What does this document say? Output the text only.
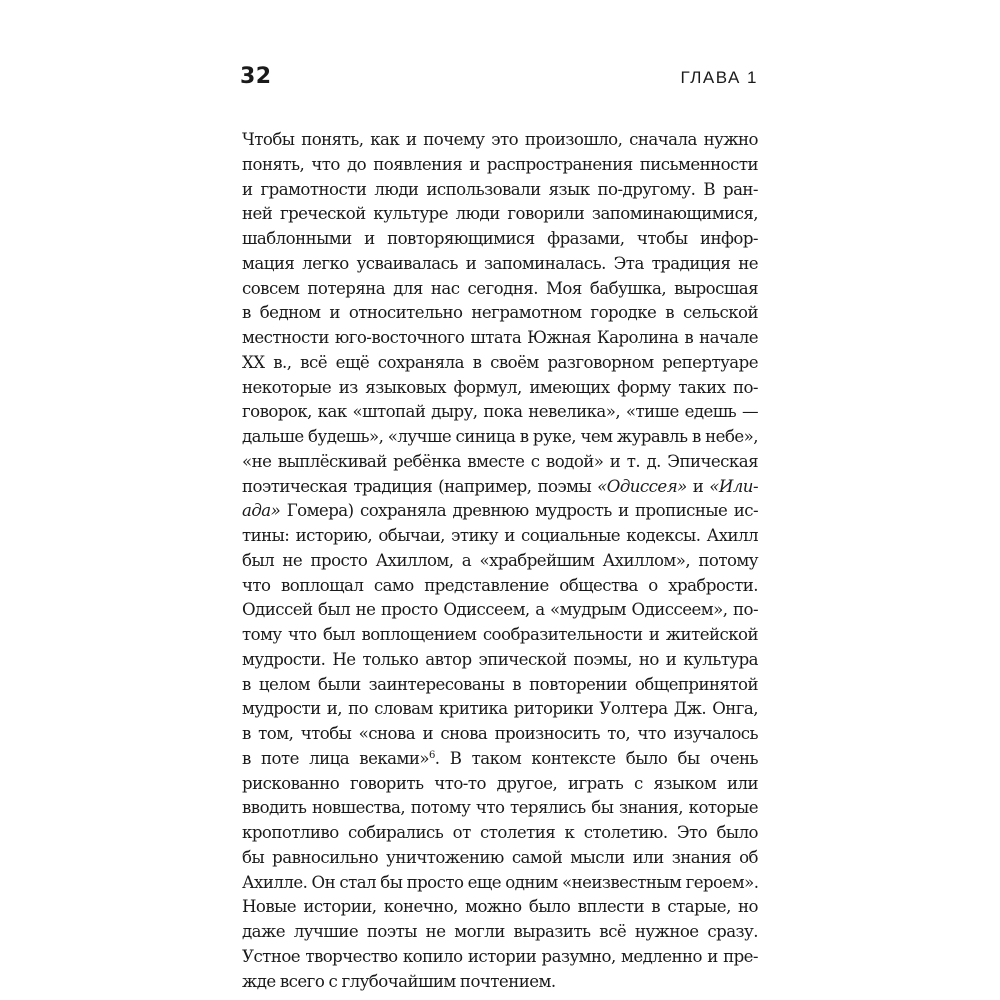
32	ГЛАВА 1
Чтобы понять, как и почему это произошло, сначала нужно
понять, что до появления и распространения письменности
и грамотности люди использовали язык по-другому. В ран-
ней греческой культуре люди говорили запоминающимися,
шаблонными и повторяющимися фразами, чтобы инфор-
мация легко усваивалась и запоминалась. Эта традиция не
совсем потеряна для нас сегодня. Моя бабушка, выросшая
в бедном и относительно неграмотном городке в сельской
местности юго-восточного штата Южная Каролина в начале
XX в., всё ещё сохраняла в своём разговорном репертуаре
некоторые из языковых формул, имеющих форму таких по-
говорок, как «штопай дыру, пока невелика», «тише едешь —
дальше будешь», «лучше синица в руке, чем журавль в небе»,
«не выплёскивай ребёнка вместе с водой» и т. д. Эпическая
поэтическая традиция (например, поэмы «Одиссея» и «Или-
ада» Гомера) сохраняла древнюю мудрость и прописные ис-
тины: историю, обычаи, этику и социальные кодексы. Ахилл
был не просто Ахиллом, а «храбрейшим Ахиллом», потому
что воплощал само представление общества о храбрости.
Одиссей был не просто Одиссеем, а «мудрым Одиссеем», по-
тому что был воплощением сообразительности и житейской
мудрости. Не только автор эпической поэмы, но и культура
в целом были заинтересованы в повторении общепринятой
мудрости и, по словам критика риторики Уолтера Дж. Онга,
в том, чтобы «снова и снова произносить то, что изучалось
в поте лица веками»$^6$. В таком контексте было бы очень
рискованно говорить что-то другое, играть с языком или
вводить новшества, потому что терялись бы знания, которые
кропотливо собирались от столетия к столетию. Это было
бы равносильно уничтожению самой мысли или знания об
Ахилле. Он стал бы просто еще одним «неизвестным героем».
Новые истории, конечно, можно было вплести в старые, но
даже лучшие поэты не могли выразить всё нужное сразу.
Устное творчество копило истории разумно, медленно и пре-
жде всего с глубочайшим почтением.
